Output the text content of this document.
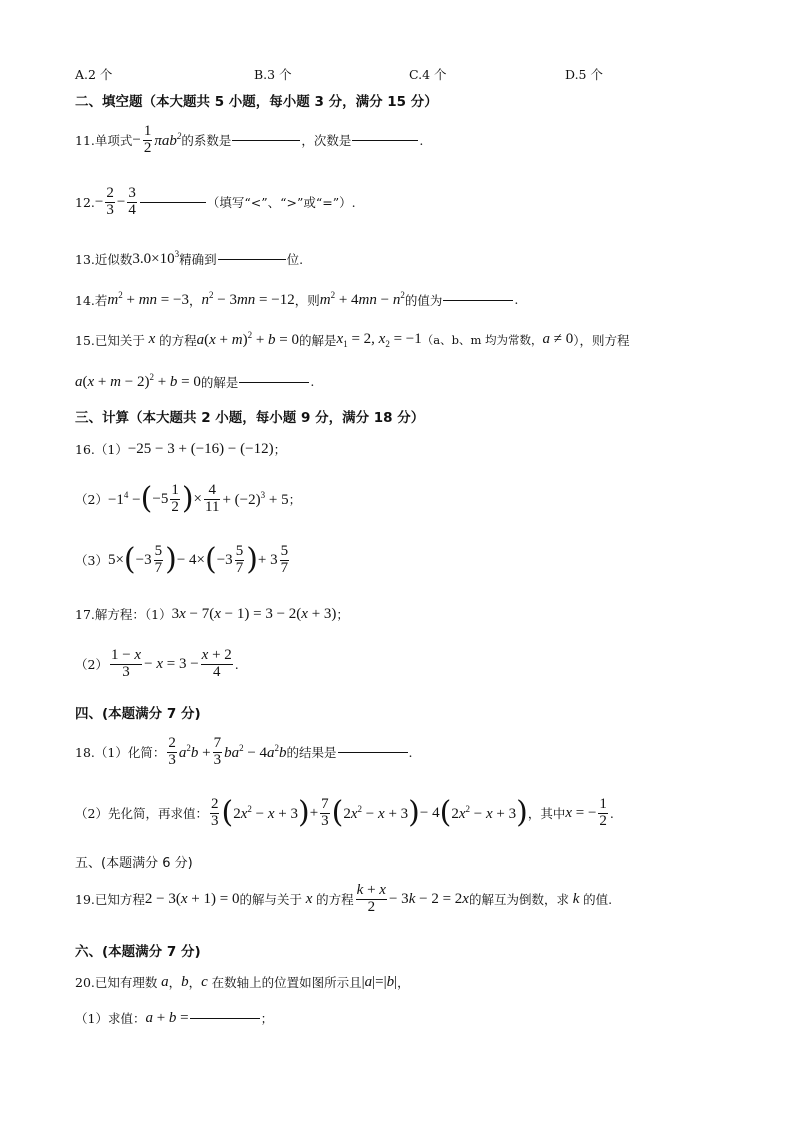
A.2 个	B.3 个	C.4 个	D.5 个
二、填空题（本大题共 5 小题，每小题 3 分，满分 15 分）
11.单项式 − $\frac{1}{2} \pi ab^2$ 的系数是	，次数是	.
12. − $\frac{2}{3} - \frac{3}{4}$	（填写“<”、“>”或“=”）.
13.近似数 $3.0\times 10^3$ 精确到	位.
14.若 $m^2$ + mn = −3 ， $n^2 - 3mn = -12$ ，则 $m^2 + 4mn - n^2$ 的值为	.
15.已知关于 x 的方程 $a(x + m)^2 + b = 0$ 的解是 $x_1 = 2$, $x_2 = -1$ （a、b、m 均为常数， a ≠ 0 ），则方程
$a(x + m - 2)^2 + b = 0$ 的解是	.
三、计算（本大题共 2 小题，每小题 9 分，满分 18 分）
16.（1） −25 − 3 + (−16) − (−12) ；
$(2) -1^4$ − ( $-5 \frac{1}{2}$ ) × $\frac{4}{11} + (-2)^3 + 5$ ；
（3） 5× ( $-3 \frac{5}{7}$ ) − 4× ( $-3 \frac{5}{7}$ ) + $3 \frac{5}{7}$
17.解方程：（1） 3x − 7(x − 1) = 3 − 2(x + 3) ；
$(2) \frac{1 - x}{3} - x = 3 - \frac{x + 2}{4}$ .
四、(本题满分 7 分)
18.（1）化简： $\frac{2}{3} a^2b + \frac{7}{3} ba^2 - 4a^2b$ 的结果是	.
（2）先化简，再求值： $\frac{2}{3}$ ( $2x^2 - x + 3$ ) + $\frac{7}{3}$ ( $2x^2 - x + 3$ ) − 4 ( $2x^2 - x + 3$ ) ，其中 x = − $\frac{1}{2}$ .
五、(本题满分 6 分)
19.已知方程 2 − 3(x + 1) = 0 的解与关于 x 的方程 $\frac{k + x}{2} - 3k - 2 = 2x$ 的解互为倒数，求 k 的值.
六、(本题满分 7 分)
20.已知有理数 a ， b ， c 在数轴上的位置如图所示且 |a|=|b| ，
（1）求值： a + b =	；
